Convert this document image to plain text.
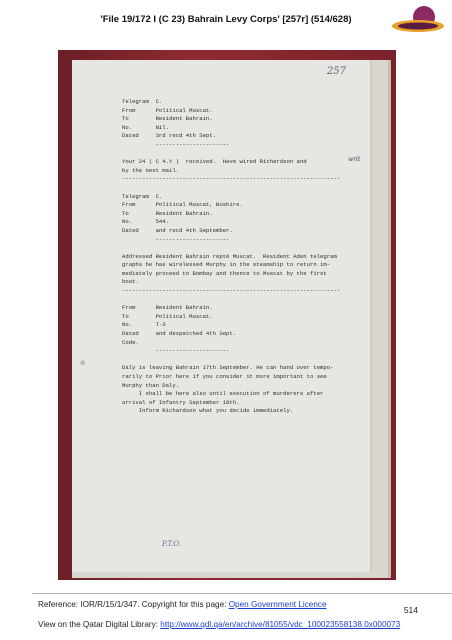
'File 19/172 I (C 23) Bahrain Levy Corps' [257r] (514/628)
257
Telegram  C.
From      Political Muscat.
To        Resident Bahrain.
No.       Nil.
Dated     3rd recd 4th Sept.
----------------------

Your 24 ( C 4.Y )  received.  Have wired Richardson and
by the next mail.
-----------------------------------------------------------------

Telegram  C.
From      Political Muscat, Bushire.
To        Resident Bahrain.
No.       544.
Dated     and recd 4th September.
----------------------

Addressed Resident Bahrain repté Muscat.  Resident Aden telegram
graphs he has wirelessed Murphy in the steamship to return im-
mediately proceed to Bombay and thence to Muscat by the first
boat.
-----------------------------------------------------------------

From      Resident Bahrain.
To        Political Muscat.
No.       T-3
Dated     and despatched 4th Sept.
Code.
----------------------

Daly is leaving Bahrain 17th September. He can hand over tempo-
rarily to Prior here if you consider it more important to see
Murphy than Daly.
I shall be here also until execution of murderers after
arrival of Infantry September 18th.
Inform Richardson what you decide immediately.
writ
⑥
P.T.O.
Reference: IOR/R/15/1/347. Copyright for this page: Open Government Licence
View on the Qatar Digital Library: http://www.qdl.qa/en/archive/81055/vdc_100023558138.0x000073
514
